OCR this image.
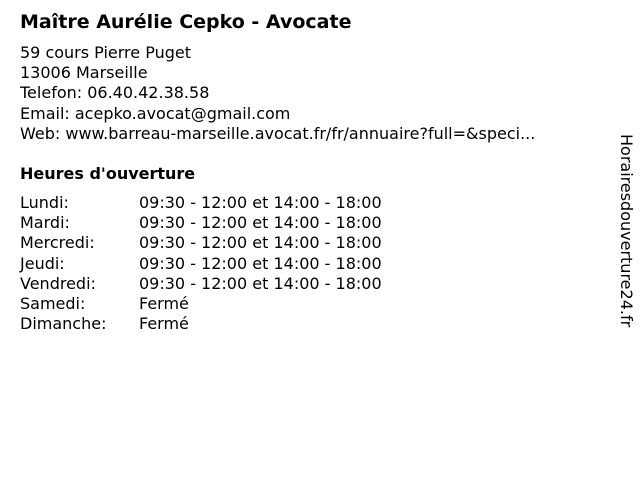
Maître Aurélie Cepko - Avocate
59 cours Pierre Puget
13006 Marseille
Telefon: 06.40.42.38.58
Email: acepko.avocat@gmail.com
Web: www.barreau-marseille.avocat.fr/fr/annuaire?full=&speci...
Heures d'ouverture
Lundi:	09:30 - 12:00 et 14:00 - 18:00
Mardi:	09:30 - 12:00 et 14:00 - 18:00
Mercredi:	09:30 - 12:00 et 14:00 - 18:00
Jeudi:	09:30 - 12:00 et 14:00 - 18:00
Vendredi:	09:30 - 12:00 et 14:00 - 18:00
Samedi:	Fermé
Dimanche:	Fermé	Horairesdouverture24.fr
